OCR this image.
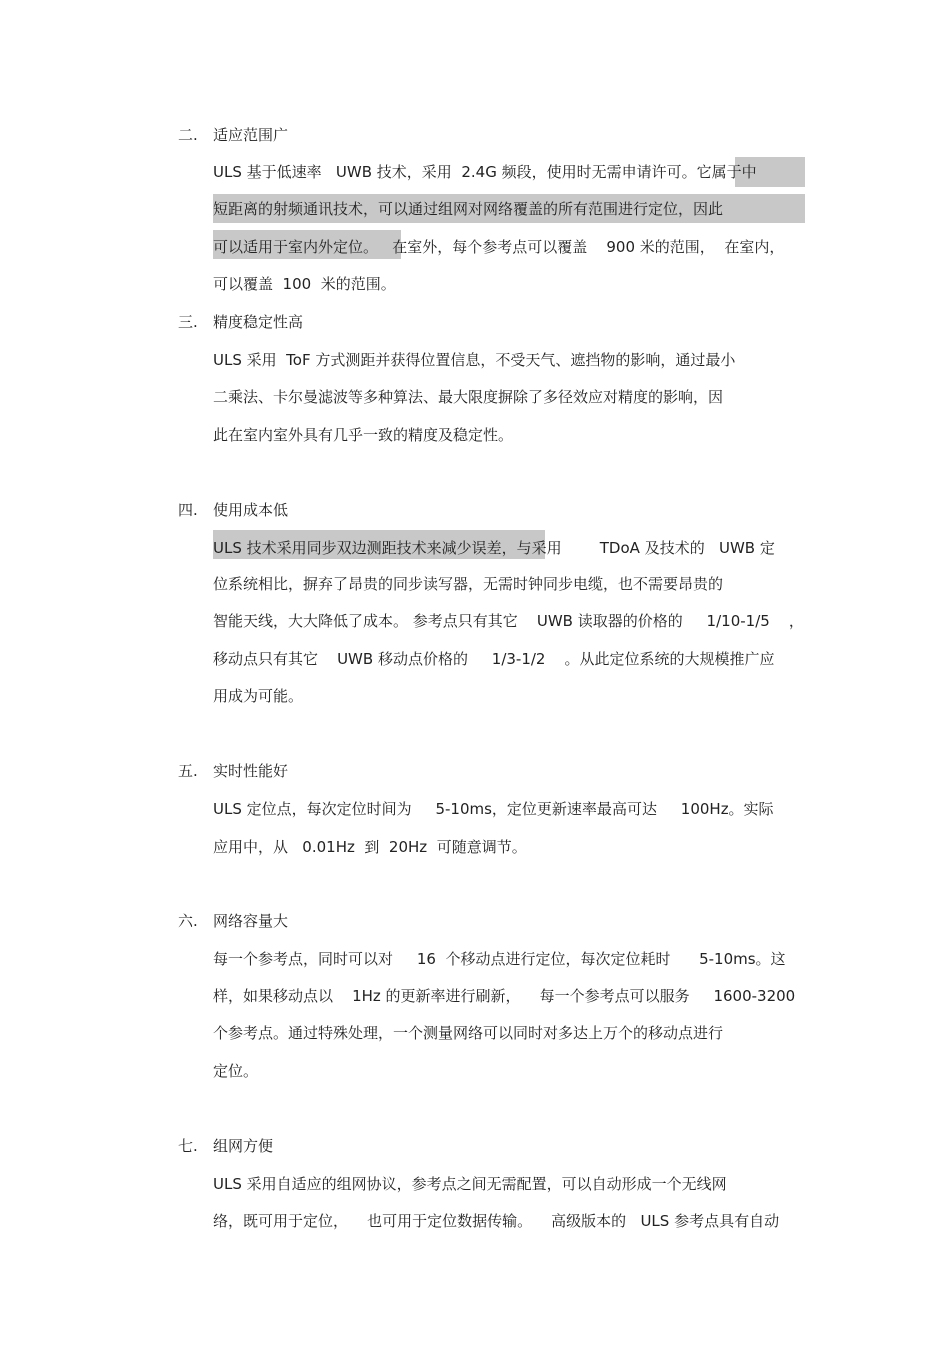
二. 适应范围广
ULS 基于低速率   UWB 技术，采用  2.4G 频段，使用时无需申请许可。它属于中
短距离的射频通讯技术，可以通过组网对网络覆盖的所有范围进行定位，因此
可以适用于室内外定位。   在室外，每个参考点可以覆盖    900 米的范围，  在室内，
可以覆盖  100  米的范围。
三. 精度稳定性高
ULS 采用  ToF 方式测距并获得位置信息，不受天气、遮挡物的影响，通过最小
二乘法、卡尔曼滤波等多种算法、最大限度摒除了多径效应对精度的影响，因
此在室内室外具有几乎一致的精度及稳定性。
四. 使用成本低
ULS 技术采用同步双边测距技术来减少误差，与采用        TDoA 及技术的   UWB 定
位系统相比，摒弃了昂贵的同步读写器，无需时钟同步电缆，也不需要昂贵的
智能天线，大大降低了成本。 参考点只有其它    UWB 读取器的价格的     1/10-1/5    ，
移动点只有其它    UWB 移动点价格的     1/3-1/2    。从此定位系统的大规模推广应
用成为可能。
五. 实时性能好
ULS 定位点，每次定位时间为     5-10ms，定位更新速率最高可达     100Hz。实际
应用中，从   0.01Hz  到  20Hz  可随意调节。
六. 网络容量大
每一个参考点，同时可以对     16  个移动点进行定位，每次定位耗时      5-10ms。这
样，如果移动点以    1Hz 的更新率进行刷新，    每一个参考点可以服务     1600-3200
个参考点。通过特殊处理，一个测量网络可以同时对多达上万个的移动点进行
定位。
七. 组网方便
ULS 采用自适应的组网协议，参考点之间无需配置，可以自动形成一个无线网
络，既可用于定位，    也可用于定位数据传输。    高级版本的   ULS 参考点具有自动
